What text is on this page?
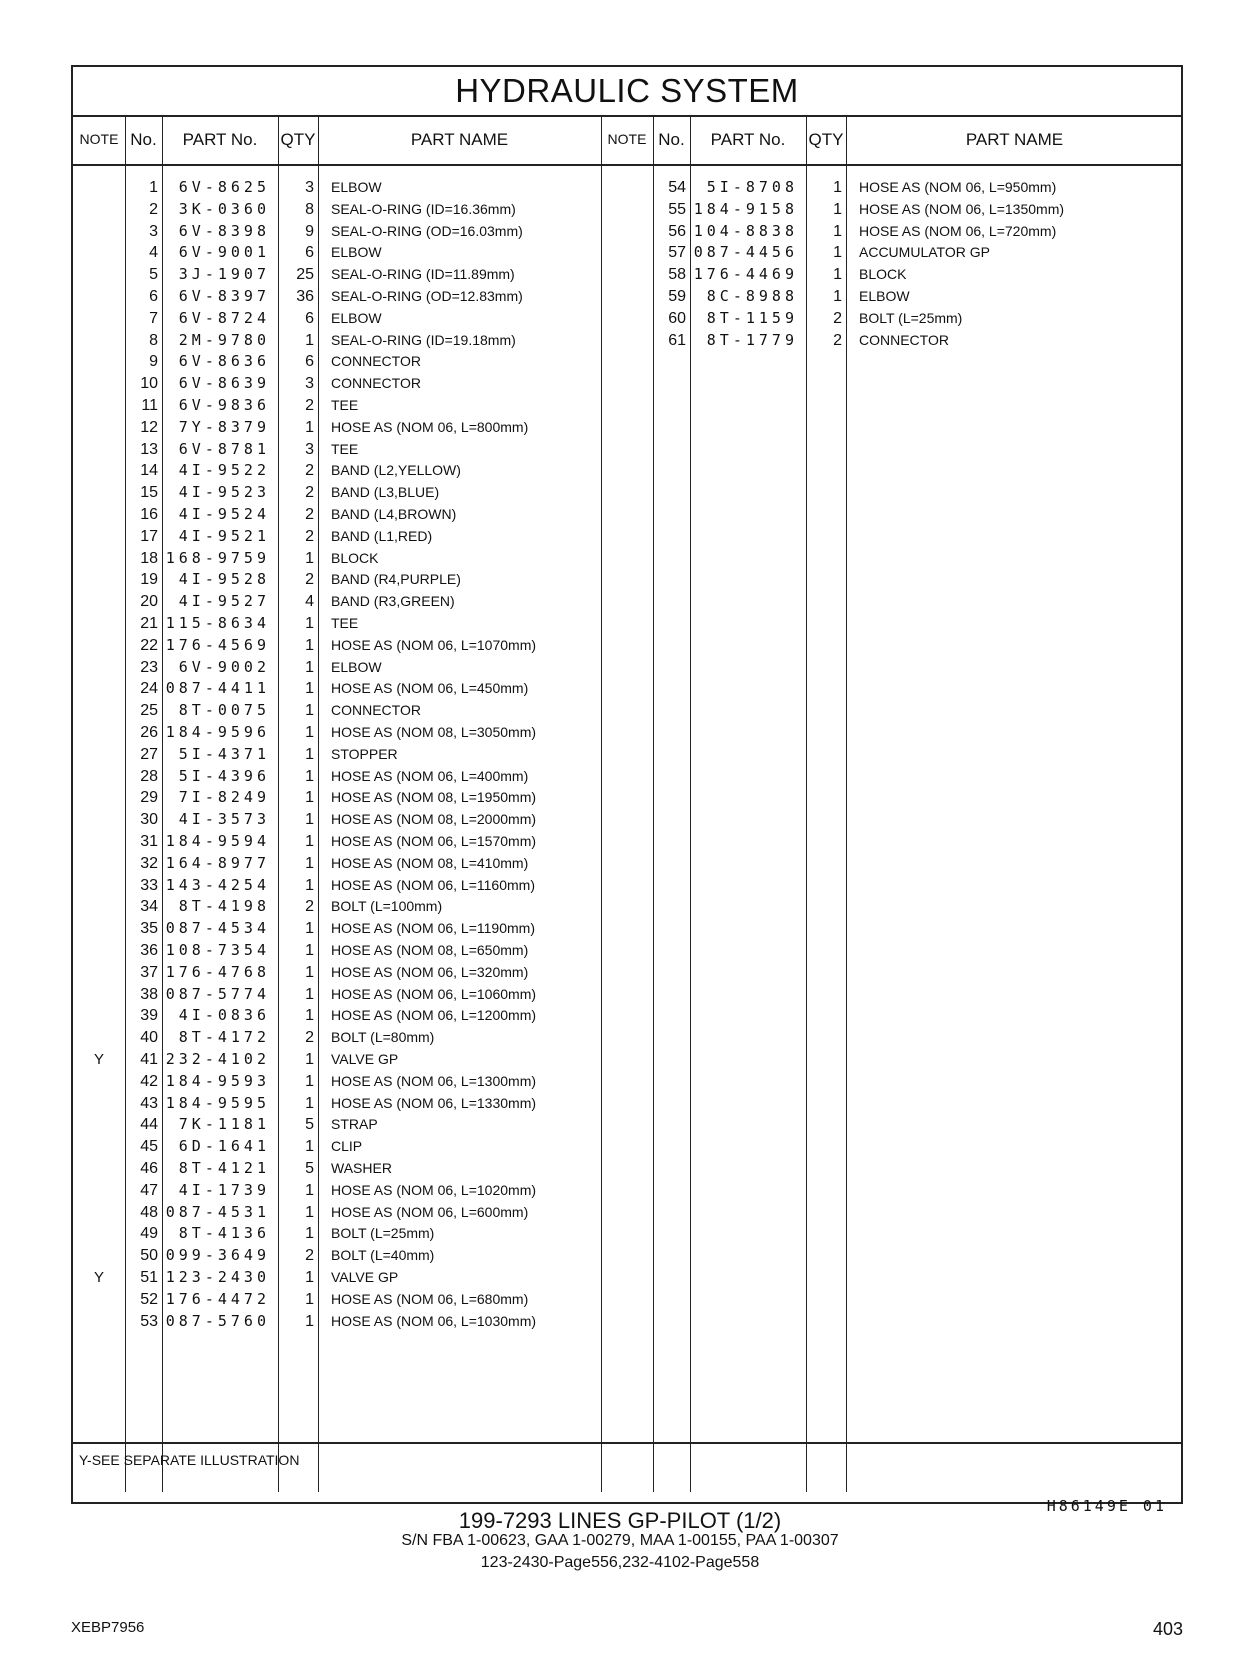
HYDRAULIC SYSTEM
NOTE No.	PART No.	QTY	PART NAME	NOTE No.	PART No.	QTY	PART NAME
1	6V-8625	3 ELBOW
2	3K-0360	8 SEAL-O-RING (ID=16.36mm)
3	6V-8398	9 SEAL-O-RING (OD=16.03mm)
4	6V-9001	6 ELBOW
5	3J-1907	25 SEAL-O-RING (ID=11.89mm)
6	6V-8397	36 SEAL-O-RING (OD=12.83mm)
7	6V-8724	6 ELBOW
8	2M-9780	1 SEAL-O-RING (ID=19.18mm)
9	6V-8636	6 CONNECTOR
10	6V-8639	3 CONNECTOR
11	6V-9836	2 TEE
12	7Y-8379	1 HOSE AS (NOM 06, L=800mm)
13	6V-8781	3 TEE
14	4I-9522	2 BAND (L2,YELLOW)
15	4I-9523	2 BAND (L3,BLUE)
16	4I-9524	2 BAND (L4,BROWN)
17	4I-9521	2 BAND (L1,RED)
18 168-9759	1 BLOCK
19	4I-9528	2 BAND (R4,PURPLE)
20	4I-9527	4 BAND (R3,GREEN)
21 115-8634	1 TEE
22 176-4569	1 HOSE AS (NOM 06, L=1070mm)
23	6V-9002	1 ELBOW
24 087-4411	1 HOSE AS (NOM 06, L=450mm)
25	8T-0075	1 CONNECTOR
26 184-9596	1 HOSE AS (NOM 08, L=3050mm)
27	5I-4371	1 STOPPER
28	5I-4396	1 HOSE AS (NOM 06, L=400mm)
29	7I-8249	1 HOSE AS (NOM 08, L=1950mm)
30	4I-3573	1 HOSE AS (NOM 08, L=2000mm)
31 184-9594	1 HOSE AS (NOM 06, L=1570mm)
32 164-8977	1 HOSE AS (NOM 08, L=410mm)
33 143-4254	1 HOSE AS (NOM 06, L=1160mm)
34	8T-4198	2 BOLT (L=100mm)
35 087-4534	1 HOSE AS (NOM 06, L=1190mm)
36 108-7354	1 HOSE AS (NOM 08, L=650mm)
37 176-4768	1 HOSE AS (NOM 06, L=320mm)
38 087-5774	1 HOSE AS (NOM 06, L=1060mm)
39	4I-0836	1 HOSE AS (NOM 06, L=1200mm)
40	8T-4172	2 BOLT (L=80mm)
Y	41 232-4102	1 VALVE GP
42 184-9593	1 HOSE AS (NOM 06, L=1300mm)
43 184-9595	1 HOSE AS (NOM 06, L=1330mm)
44	7K-1181	5 STRAP
45	6D-1641	1 CLIP
46	8T-4121	5 WASHER
47	4I-1739	1 HOSE AS (NOM 06, L=1020mm)
48 087-4531	1 HOSE AS (NOM 06, L=600mm)
49	8T-4136	1 BOLT (L=25mm)
50 099-3649	2 BOLT (L=40mm)
Y	51 123-2430	1 VALVE GP
52 176-4472	1 HOSE AS (NOM 06, L=680mm)
53 087-5760	1 HOSE AS (NOM 06, L=1030mm)
54	5I-8708	1 HOSE AS (NOM 06, L=950mm)
55 184-9158	1 HOSE AS (NOM 06, L=1350mm)
56 104-8838	1 HOSE AS (NOM 06, L=720mm)
57 087-4456	1 ACCUMULATOR GP
58 176-4469	1 BLOCK
59	8C-8988	1 ELBOW
60	8T-1159	2 BOLT (L=25mm)
61	8T-1779	2 CONNECTOR
Y-SEE SEPARATE ILLUSTRATION
H86149E 01
199-7293 LINES GP-PILOT (1/2)
S/N FBA 1-00623, GAA 1-00279, MAA 1-00155, PAA 1-00307
123-2430-Page556,232-4102-Page558
XEBP7956	403
